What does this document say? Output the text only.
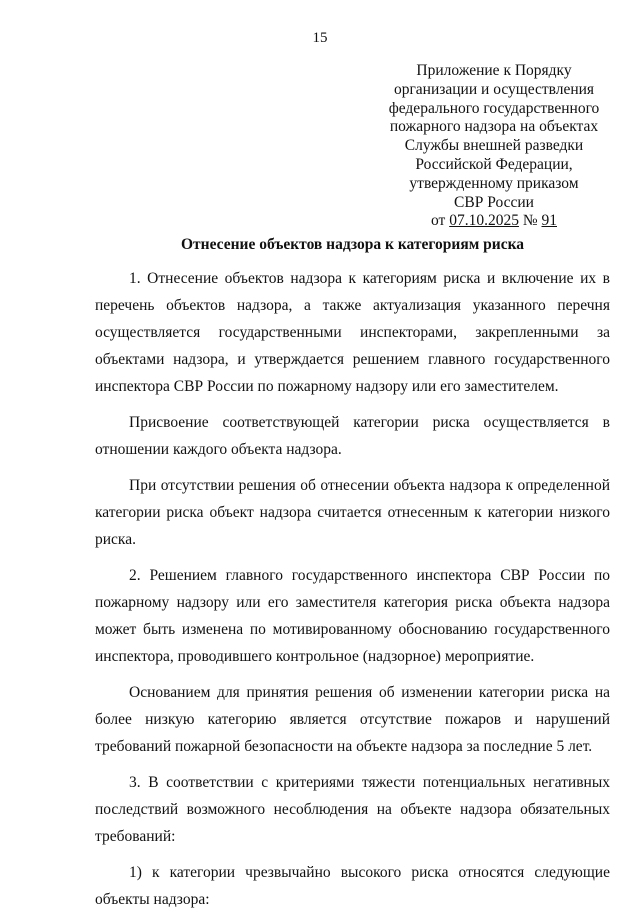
15
Приложение к Порядку
организации и осуществления
федерального государственного
пожарного надзора на объектах
Службы внешней разведки
Российской Федерации,
утвержденному приказом
СВР России
от 07.10.2025 № 91
Отнесение объектов надзора к категориям риска

1. Отнесение объектов надзора к категориям риска и включение их в перечень объектов надзора, а также актуализация указанного перечня осуществляется государственными инспекторами, закрепленными за объектами надзора, и утверждается решением главного государственного инспектора СВР России по пожарному надзору или его заместителем.

Присвоение соответствующей категории риска осуществляется в отношении каждого объекта надзора.

При отсутствии решения об отнесении объекта надзора к определенной категории риска объект надзора считается отнесенным к категории низкого риска.

2. Решением главного государственного инспектора СВР России по пожарному надзору или его заместителя категория риска объекта надзора может быть изменена по мотивированному обоснованию государственного инспектора, проводившего контрольное (надзорное) мероприятие.

Основанием для принятия решения об изменении категории риска на более низкую категорию является отсутствие пожаров и нарушений требований пожарной безопасности на объекте надзора за последние 5 лет.

3. В соответствии с критериями тяжести потенциальных негативных последствий возможного несоблюдения на объекте надзора обязательных требований:

1) к категории чрезвычайно высокого риска относятся следующие объекты надзора:
